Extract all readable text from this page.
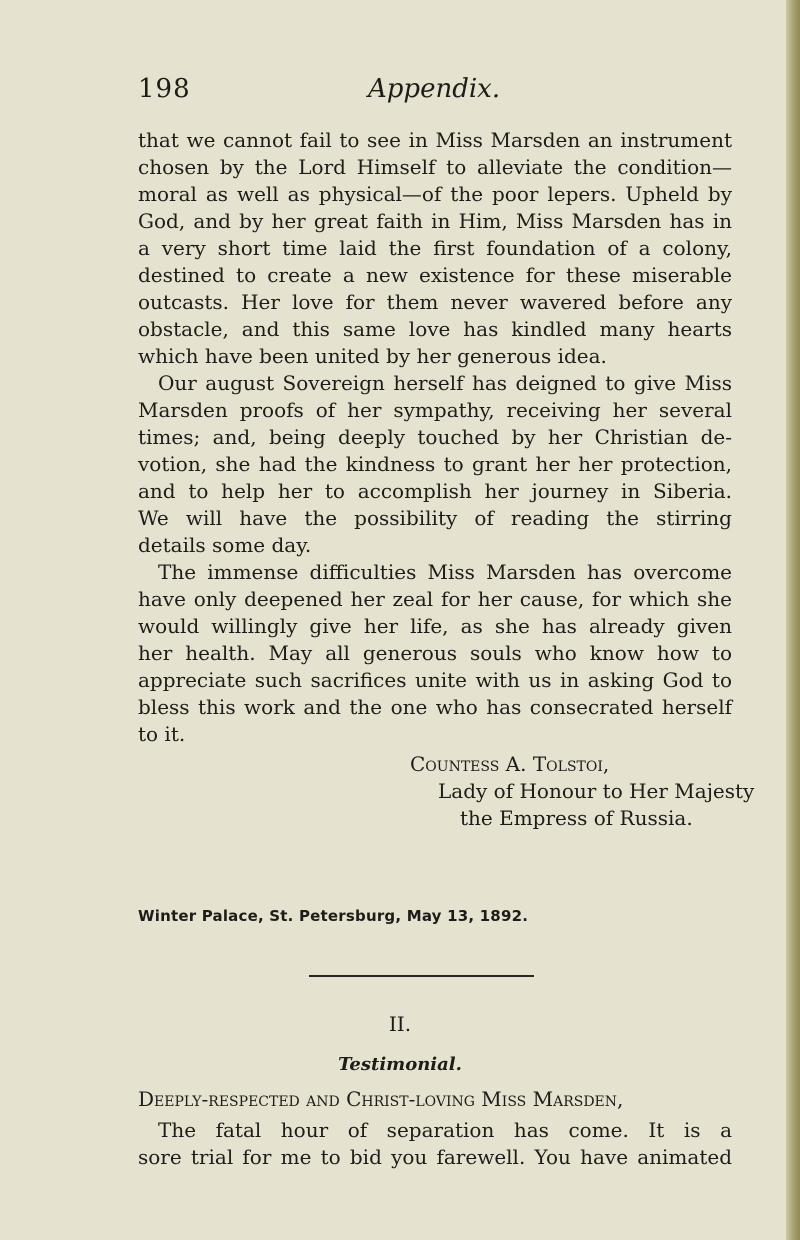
198	Appendix.
that we cannot fail to see in Miss Marsden an instrument
chosen by the Lord Himself to alleviate the condition—
moral as well as physical—of the poor lepers. Upheld by
God, and by her great faith in Him, Miss Marsden has in
a very short time laid the first foundation of a colony,
destined to create a new existence for these miserable
outcasts. Her love for them never wavered before any
obstacle, and this same love has kindled many hearts
which have been united by her generous idea.
Our august Sovereign herself has deigned to give Miss
Marsden proofs of her sympathy, receiving her several
times; and, being deeply touched by her Christian de-
votion, she had the kindness to grant her her protection,
and to help her to accomplish her journey in Siberia.
We will have the possibility of reading the stirring
details some day.
The immense difficulties Miss Marsden has overcome
have only deepened her zeal for her cause, for which she
would willingly give her life, as she has already given
her health. May all generous souls who know how to
appreciate such sacrifices unite with us in asking God to
bless this work and the one who has consecrated herself
to it.
Countess A. Tolstoi,
Lady of Honour to Her Majesty
the Empress of Russia.
Winter Palace, St. Petersburg, May 13, 1892.
II.
Testimonial.
Deeply-respected and Christ-loving Miss Marsden,
The fatal hour of separation has come. It is a
sore trial for me to bid you farewell. You have animated
